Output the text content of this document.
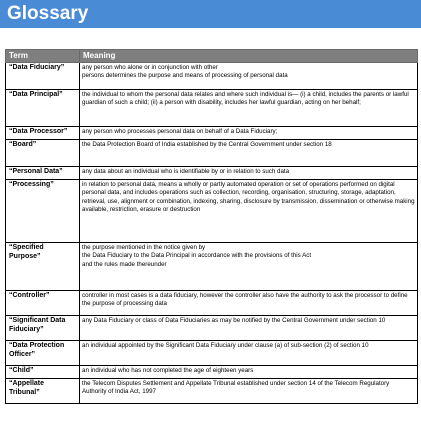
Glossary
Term	Meaning
“Data Fiduciary”	any person who alone or in conjunction with other
persons determines the purpose and means of processing of personal data
“Data Principal”	the individual to whom the personal data relates and where such individual is— (i) a child, includes the parents or lawful guardian of such a child; (ii) a person with disability, includes her lawful guardian, acting on her behalf;
“Data Processor”	any person who processes personal data on behalf of a Data Fiduciary;
“Board”	the Data Protection Board of India established by the Central Government under section 18
“Personal Data”	any data about an individual who is identifiable by or in relation to such data
“Processing”	in relation to personal data, means a wholly or partly automated operation or set of operations performed on digital personal data, and includes operations such as collection, recording, organisation, structuring, storage, adaptation, retrieval, use, alignment or combination, indexing, sharing, disclosure by transmission, dissemination or otherwise making available, restriction, erasure or destruction
“Specified
Purpose”	the purpose mentioned in the notice given by
the Data Fiduciary to the Data Principal in accordance with the provisions of this Act
and the rules made thereunder
“Controller”	controller in most cases is a data fiduciary, however the controller also have the authority to ask the processor to define the purpose of processing data
“Significant Data
Fiduciary”	any Data Fiduciary or class of Data Fiduciaries as may be notified by the Central Government under section 10
“Data Protection
Officer”	an individual appointed by the Significant Data Fiduciary under clause (a) of sub-section (2) of section 10
“Child”	an individual who has not completed the age of eighteen years
“Appellate
Tribunal”	the Telecom Disputes Settlement and Appellate Tribunal established under section 14 of the Telecom Regulatory Authority of India Act, 1997
